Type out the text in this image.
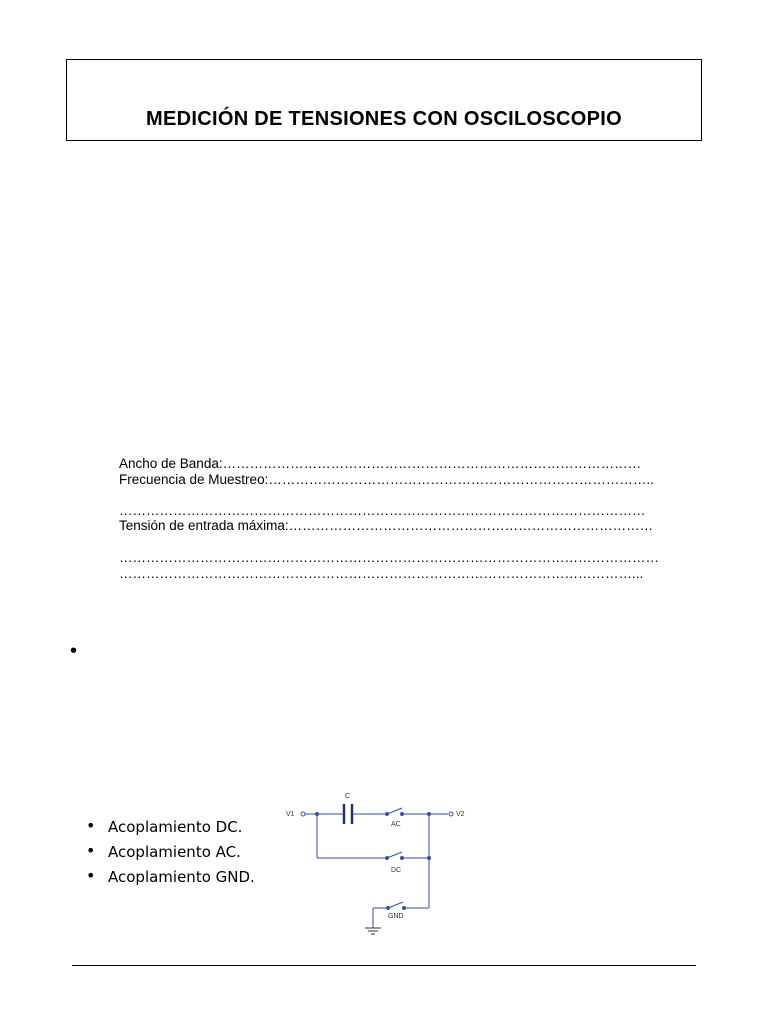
MEDICIÓN DE TENSIONES CON OSCILOSCOPIO
Ancho de Banda:…………………………………………………………………………………
Frecuencia de Muestreo:…………………………………………………………………………..
………………………………………………………………………………………………………
Tensión de entrada máxima:………………………………………………………………………
…………………………………………………………………………………………………………
……………………………………………………………………………………………………...
•
• Acoplamiento DC.
• Acoplamiento AC.
• Acoplamiento GND.
V1	V2
C
AC
DC
GND
